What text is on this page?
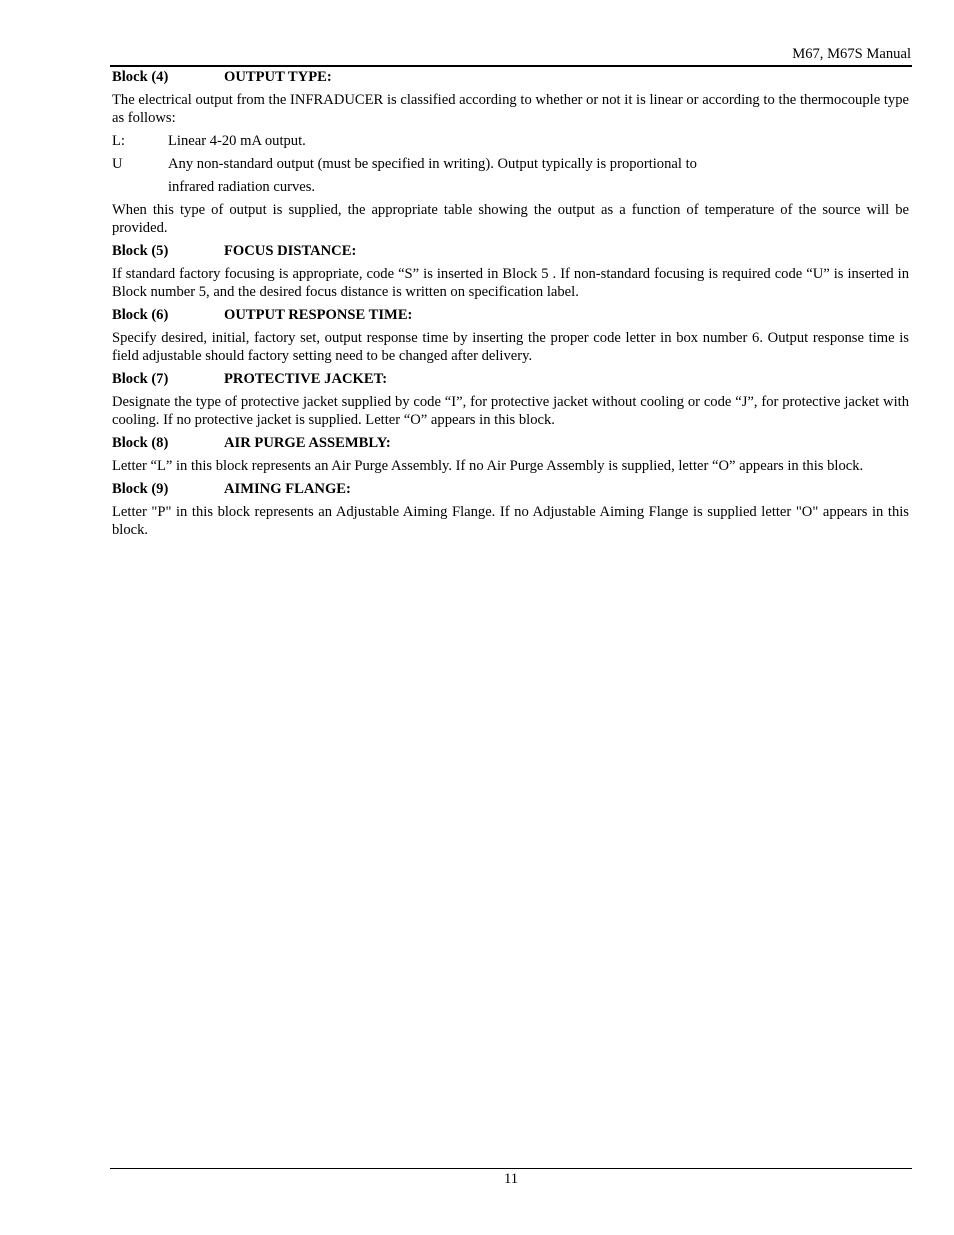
M67, M67S Manual
Block (4)	OUTPUT TYPE:
The electrical output from the INFRADUCER is classified according to whether or not it is linear or according to the thermocouple type as follows:
L:	Linear 4-20 mA output.
U	Any non-standard output (must be specified in writing). Output typically is proportional to
infrared radiation curves.
When this type of output is supplied, the appropriate table showing the output as a function of temperature of the source will be provided.
Block (5)	FOCUS DISTANCE:
If standard factory focusing is appropriate, code “S” is inserted in Block 5 . If non-standard focusing is required code “U” is inserted in Block number 5, and the desired focus distance is written on specification label.
Block (6)	OUTPUT RESPONSE TIME:
Specify desired, initial, factory set, output response time by inserting the proper code letter in box number 6. Output response time is field adjustable should factory setting need to be changed after delivery.
Block (7)	PROTECTIVE JACKET:
Designate the type of protective jacket supplied by code “I”, for protective jacket without cooling or code “J”, for protective jacket with cooling. If no protective jacket is supplied. Letter “O” appears in this block.
Block (8)	AIR PURGE ASSEMBLY:
Letter “L” in this block represents an Air Purge Assembly. If no Air Purge Assembly is supplied, letter “O” appears in this block.
Block (9)	AIMING FLANGE:
Letter "P" in this block represents an Adjustable Aiming Flange. If no Adjustable Aiming Flange is supplied letter "O" appears in this block.
11
